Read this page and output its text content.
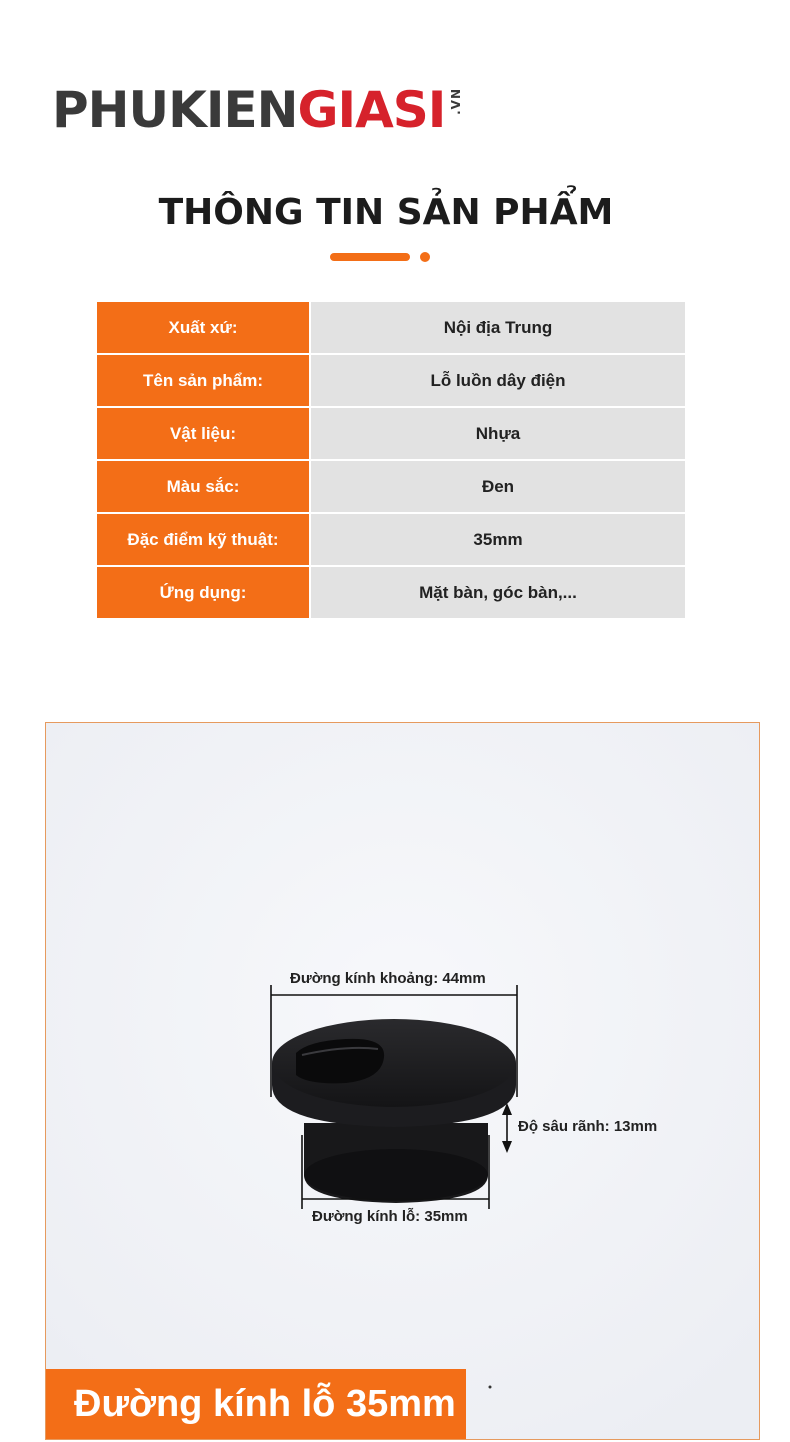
PHUKIEN GIASI .VN
THÔNG TIN SẢN PHẨM
Xuất xứ:	Nội địa Trung
Tên sản phẩm:	Lỗ luồn dây điện
Vật liệu:	Nhựa
Màu sắc:	Đen
Đặc điểm kỹ thuật:	35mm
Ứng dụng:	Mặt bàn, góc bàn,...
Đường kính khoảng: 44mm
Độ sâu rãnh: 13mm
Đường kính lỗ: 35mm
Đường kính lỗ 35mm
